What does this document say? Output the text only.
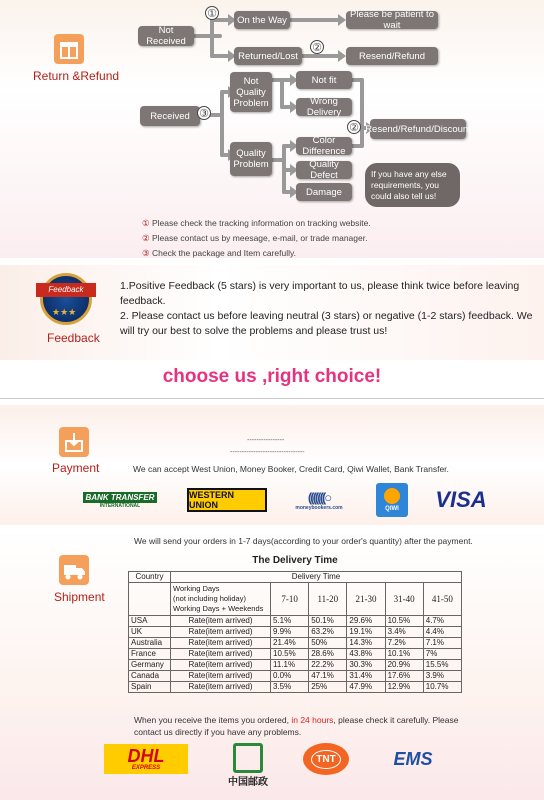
Return &Refund
Not Received
On the Way	Please be patient to wait
Returned/Lost	Resend/Refund
①
②
Received ③
Not Quality Problem
Not fit
Wrong Delivery
Quality Problem
Color Difference
Quality Defect
Damage
② Resend/Refund/Discount
If you have any else requirements, you could also tell us!
① Please check the tracking information on tracking website.
② Please contact us by meesage, e-mail, or trade manager.
③ Check the package and Item carefully.
Feedback
★★★
Feedback
1.Positive Feedback (5 stars) is very important to us, please think twice before leaving feedback.
2. Please contact us before leaving neutral (3 stars) or negative (1-2 stars) feedback. We will try our best to solve the problems and please trust us!
choose us ,right choice!
Payment
----------------
--------------------------------
We can accept West Union, Money Booker, Credit Card, Qiwi Wallet, Bank Transfer.
BANK TRANSFER
INTERNATIONAL
WESTERN UNION
(((((((○
moneybookers.com	QIWI	VISA
Shipment
We will send your orders in 1-7 days(according to your order's quantity) after the payment.
The Delivery Time
Country	Delivery Time					

	Working Days
(not including holiday)
Working Days + Weekends	7-10	11-20	21-30	31-40	41-50
USA	Rate(item arrived)	5.1%	50.1%	29.6%	10.5%	4.7%
UK	Rate(item arrived)	9.9%	63.2%	19.1%	3.4%	4.4%
Australia	Rate(item arrived)	21.4%	50%	14.3%	7.2%	7.1%
France	Rate(item arrived)	10.5%	28.6%	43.8%	10.1%	7%
Germany	Rate(item arrived)	11.1%	22.2%	30.3%	20.9%	15.5%
Canada	Rate(item arrived)	0.0%	47.1%	31.4%	17.6%	3.9%
Spain	Rate(item arrived)	3.5%	25%	47.9%	12.9%	10.7%
When you receive the items you ordered, in 24 hours, please check it carefully. Please contact us directly if you have any problems.
DHL
EXPRESS
中国邮政
TNT	EMS
